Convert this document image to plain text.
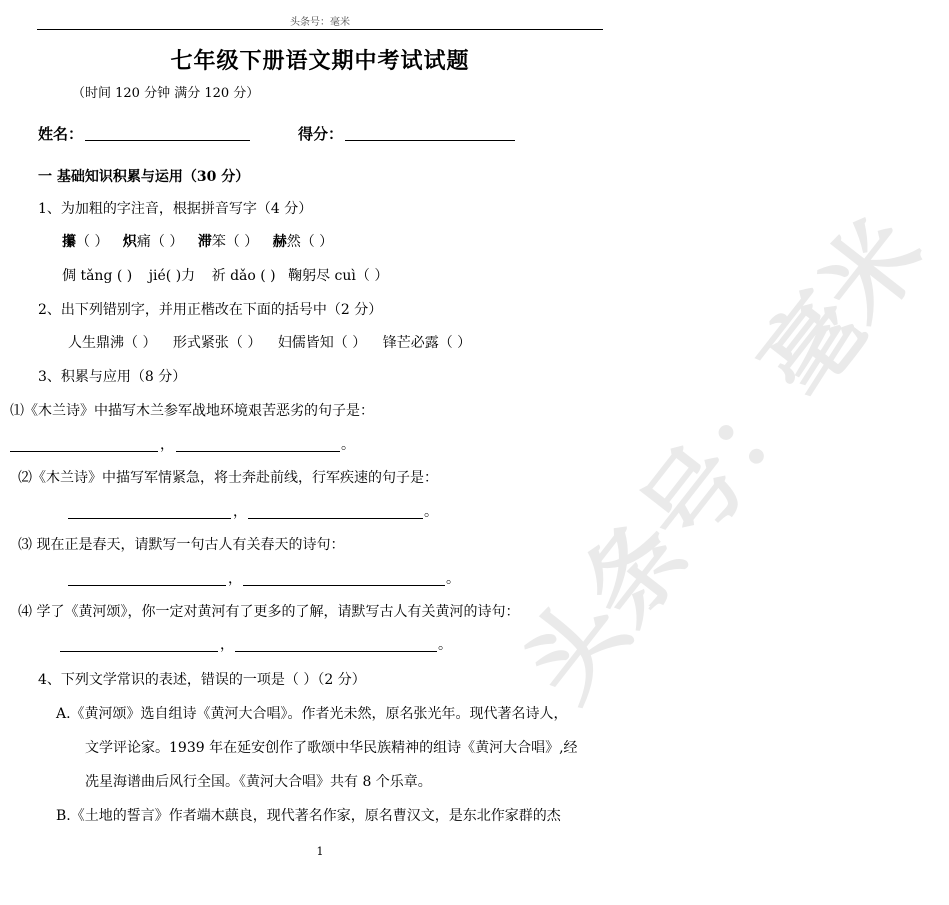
头条号：毫米
头条号：毫米
七年级下册语文期中考试试题
（时间 120 分钟 满分 120 分）
姓名：	得分：
一 基础知识积累与运用（30 分）
1、为加粗的字注音，根据拼音写字（4 分）
攥（ ） 炽痛（ ） 滞笨（ ） 赫然（ ）
倜 tǎng ( ) jié( )力 祈 dǎo ( ) 鞠躬尽 cuì（ ）
2、出下列错别字，并用正楷改在下面的括号中（2 分）
人生鼎沸（ ） 形式紧张（ ） 妇儒皆知（ ） 锋芒必露（ ）
3、积累与应用（8 分）
⑴《木兰诗》中描写木兰参军战地环境艰苦恶劣的句子是：
，	。
⑵《木兰诗》中描写军情紧急，将士奔赴前线，行军疾速的句子是：
，	。
⑶ 现在正是春天，请默写一句古人有关春天的诗句：
，	。
⑷ 学了《黄河颂》，你一定对黄河有了更多的了解，请默写古人有关黄河的诗句：
，	。
4、下列文学常识的表述，错误的一项是（ ）（2 分）
A.《黄河颂》选自组诗《黄河大合唱》。作者光未然，原名张光年。现代著名诗人，
文学评论家。1939 年在延安创作了歌颂中华民族精神的组诗《黄河大合唱》,经
冼星海谱曲后风行全国。《黄河大合唱》共有 8 个乐章。
B.《土地的誓言》作者端木蕻良，现代著名作家，原名曹汉文，是东北作家群的杰
1
